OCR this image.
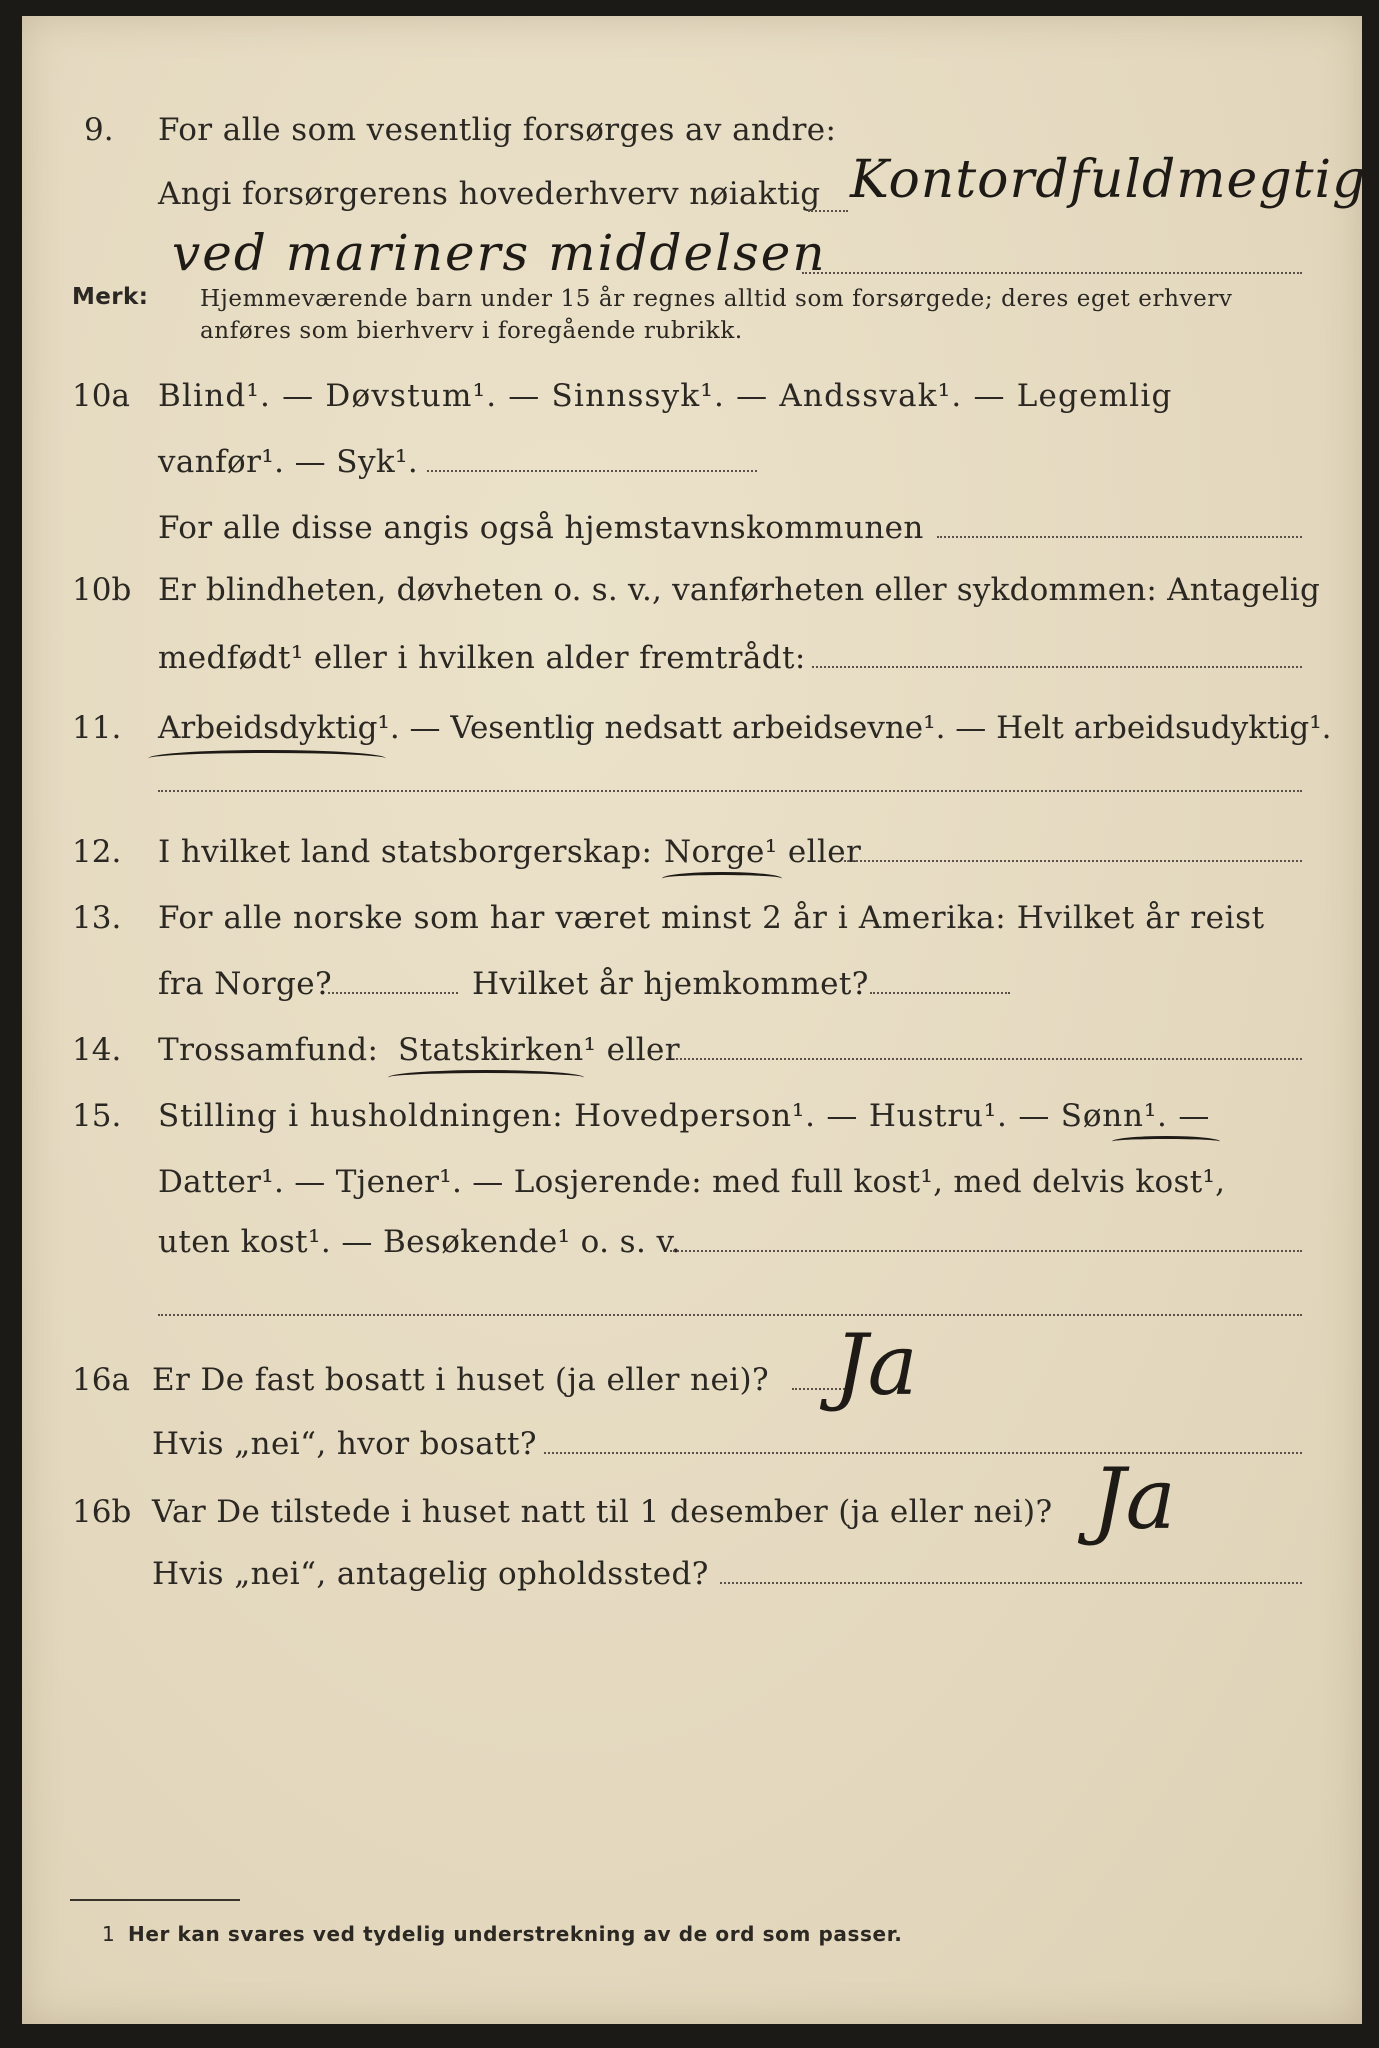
9. For alle som vesentlig forsørges av andre:
Angi forsørgerens hovederhverv nøiaktig Kontordfuldmegtig
ved mariners middelsen
Merk: Hjemmeværende barn under 15 år regnes alltid som forsørgede; deres eget erhverv
anføres som bierhverv i foregående rubrikk.
10a Blind¹. — Døvstum¹. — Sinnssyk¹. — Andssvak¹. — Legemlig
vanfør¹. — Syk¹.
For alle disse angis også hjemstavnskommunen
10b Er blindheten, døvheten o. s. v., vanførheten eller sykdommen: Antagelig
medfødt¹ eller i hvilken alder fremtrådt:
11. Arbeidsdyktig¹. — Vesentlig nedsatt arbeidsevne¹. — Helt arbeidsudyktig¹.
12. I hvilket land statsborgerskap: Norge¹ eller
13. For alle norske som har været minst 2 år i Amerika: Hvilket år reist
fra Norge?	Hvilket år hjemkommet?
14. Trossamfund: Statskirken¹ eller
15. Stilling i husholdningen: Hovedperson¹. — Hustru¹. — Sønn¹. —
Datter¹. — Tjener¹. — Losjerende: med full kost¹, med delvis kost¹,
uten kost¹. — Besøkende¹ o. s. v.
16a Er De fast bosatt i huset (ja eller nei)? Ja
Hvis „nei“, hvor bosatt?
16b Var De tilstede i huset natt til 1 desember (ja eller nei)? Ja
Hvis „nei“, antagelig opholdssted?
1 Her kan svares ved tydelig understrekning av de ord som passer.
